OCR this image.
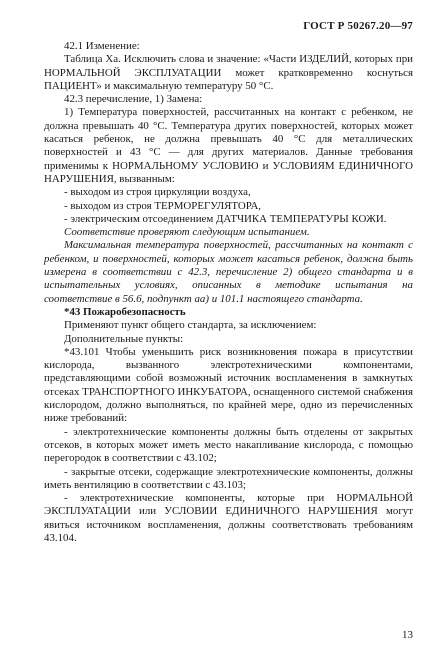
ГОСТ Р 50267.20—97

42.1 Изменение:

Таблица Ха. Исключить слова и значение: «Части ИЗДЕЛИЙ, которых при НОРМАЛЬНОЙ ЭКСПЛУАТАЦИИ может кратковременно коснуться ПАЦИЕНТ» и максимальную температуру 50 °С.

42.3 перечисление, 1) Замена:

1) Температура поверхностей, рассчитанных на контакт с ребенком, не должна превышать 40 °С. Температура других поверхностей, которых может касаться ребенок, не должна превышать 40 °С для металлических поверхностей и 43 °С — для других материалов. Данные требования применимы к НОРМАЛЬНОМУ УСЛОВИЮ и УСЛОВИЯМ ЕДИНИЧНОГО НАРУШЕНИЯ, вызванным:

- выходом из строя циркуляции воздуха,

- выходом из строя ТЕРМОРЕГУЛЯТОРА,

- электрическим отсоединением ДАТЧИКА ТЕМПЕРАТУРЫ КОЖИ.

Соответствие проверяют следующим испытанием.

Максимальная температура поверхностей, рассчитанных на контакт с ребенком, и поверхностей, которых может касаться ребенок, должна быть измерена в соответствии с 42.3, перечисление 2) общего стандарта и в испытательных условиях, описанных в методике испытания на соответствие в 56.6, подпункт аа) и 101.1 настоящего стандарта.

*43 Пожаробезопасность

Применяют пункт общего стандарта, за исключением:

Дополнительные пункты:

*43.101 Чтобы уменьшить риск возникновения пожара в присутствии кислорода, вызванного электротехническими компонентами, представляющими собой возможный источник воспламенения в замкнутых отсеках ТРАНСПОРТНОГО ИНКУБАТОРА, оснащенного системой снабжения кислородом, должно выполняться, по крайней мере, одно из перечисленных ниже требований:

- электротехнические компоненты должны быть отделены от закрытых отсеков, в которых может иметь место накапливание кислорода, с помощью перегородок в соответствии с 43.102;

- закрытые отсеки, содержащие электротехнические компоненты, должны иметь вентиляцию в соответствии с 43.103;

- электротехнические компоненты, которые при НОРМАЛЬНОЙ ЭКСПЛУАТАЦИИ или УСЛОВИИ ЕДИНИЧНОГО НАРУШЕНИЯ могут явиться источником воспламенения, должны соответствовать требованиям 43.104.

13
